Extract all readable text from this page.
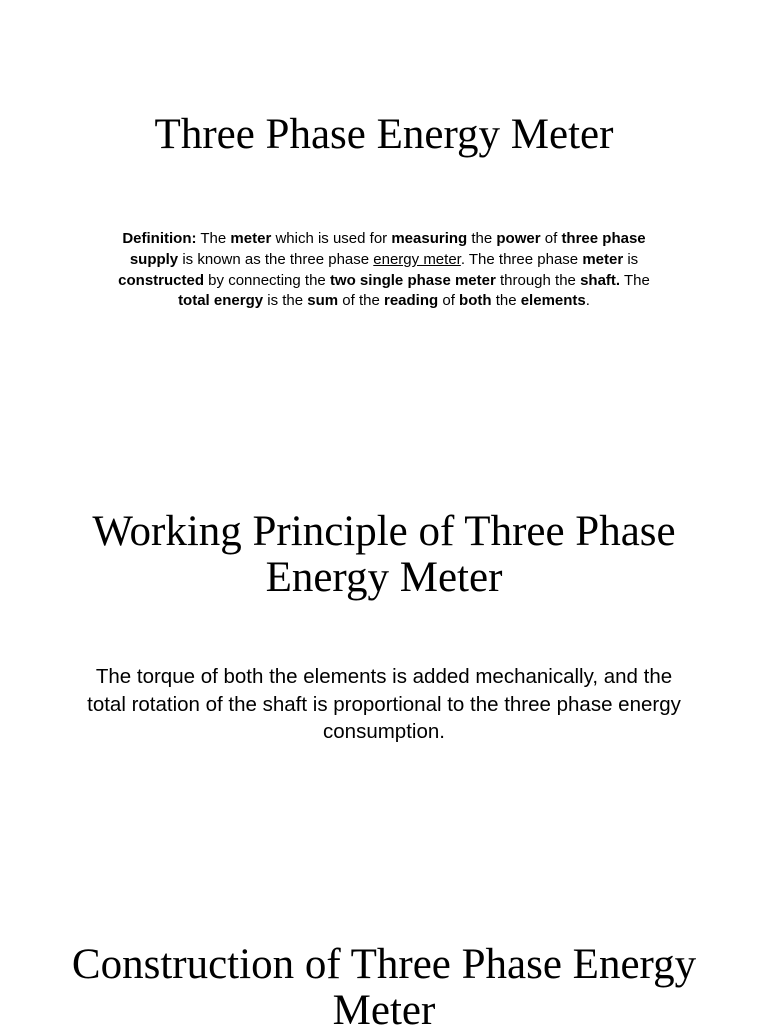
Three Phase Energy Meter

Definition: The meter which is used for measuring the power of three phase supply is known as the three phase energy meter. The three phase meter is constructed by connecting the two single phase meter through the shaft. The total energy is the sum of the reading of both the elements.

Working Principle of Three Phase Energy Meter

The torque of both the elements is added mechanically, and the total rotation of the shaft is proportional to the three phase energy consumption.

Construction of Three Phase Energy Meter
